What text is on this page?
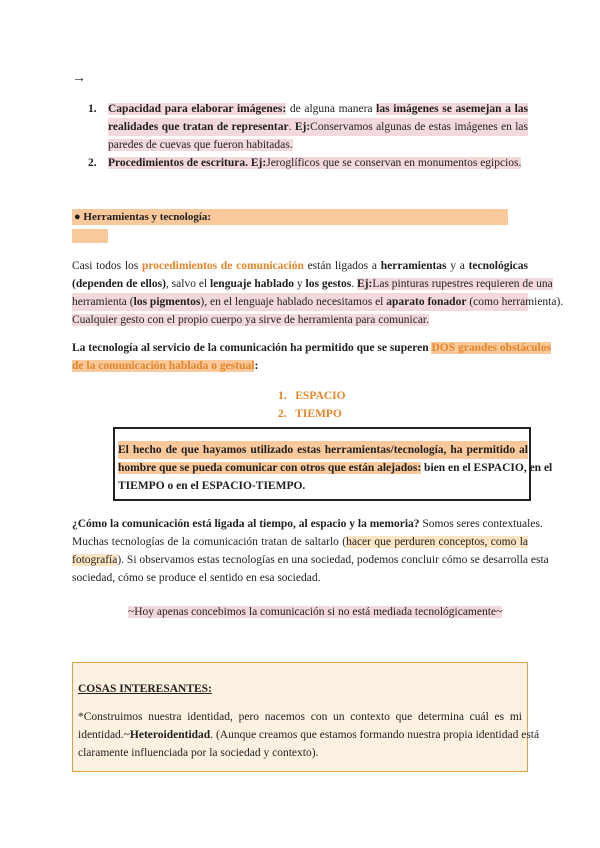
→
1. Capacidad para elaborar imágenes: de alguna manera las imágenes se asemejan a las
realidades que tratan de representar. Ej:Conservamos algunas de estas imágenes en las
paredes de cuevas que fueron habitadas.
2. Procedimientos de escritura. Ej:Jeroglíficos que se conservan en monumentos egipcios.
● Herramientas y tecnología:
Casi todos los procedimientos de comunicación están ligados a herramientas y a tecnológicas
(dependen de ellos), salvo el lenguaje hablado y los gestos. Ej:Las pinturas rupestres requieren de una
herramienta (los pigmentos), en el lenguaje hablado necesitamos el aparato fonador (como herramienta).
Cualquier gesto con el propio cuerpo ya sirve de herramienta para comunicar.
La tecnología al servicio de la comunicación ha permitido que se superen DOS grandes obstáculos
de la comunicación hablada o gestual:
1. ESPACIO
2. TIEMPO
El hecho de que hayamos utilizado estas herramientas/tecnología, ha permitido al
hombre que se pueda comunicar con otros que están alejados: bien en el ESPACIO, en el
TIEMPO o en el ESPACIO-TIEMPO.
¿Cómo la comunicación está ligada al tiempo, al espacio y la memoria? Somos seres contextuales.
Muchas tecnologías de la comunicación tratan de saltarlo (hacer que perduren conceptos, como la
fotografía). Si observamos estas tecnologías en una sociedad, podemos concluir cómo se desarrolla esta
sociedad, cómo se produce el sentido en esa sociedad.
~Hoy apenas concebimos la comunicación si no está mediada tecnológicamente~
COSAS INTERESANTES:
*Construimos nuestra identidad, pero nacemos con un contexto que determina cuál es mi
identidad.~Heteroidentidad. (Aunque creamos que estamos formando nuestra propia identidad está
claramente influenciada por la sociedad y contexto).
